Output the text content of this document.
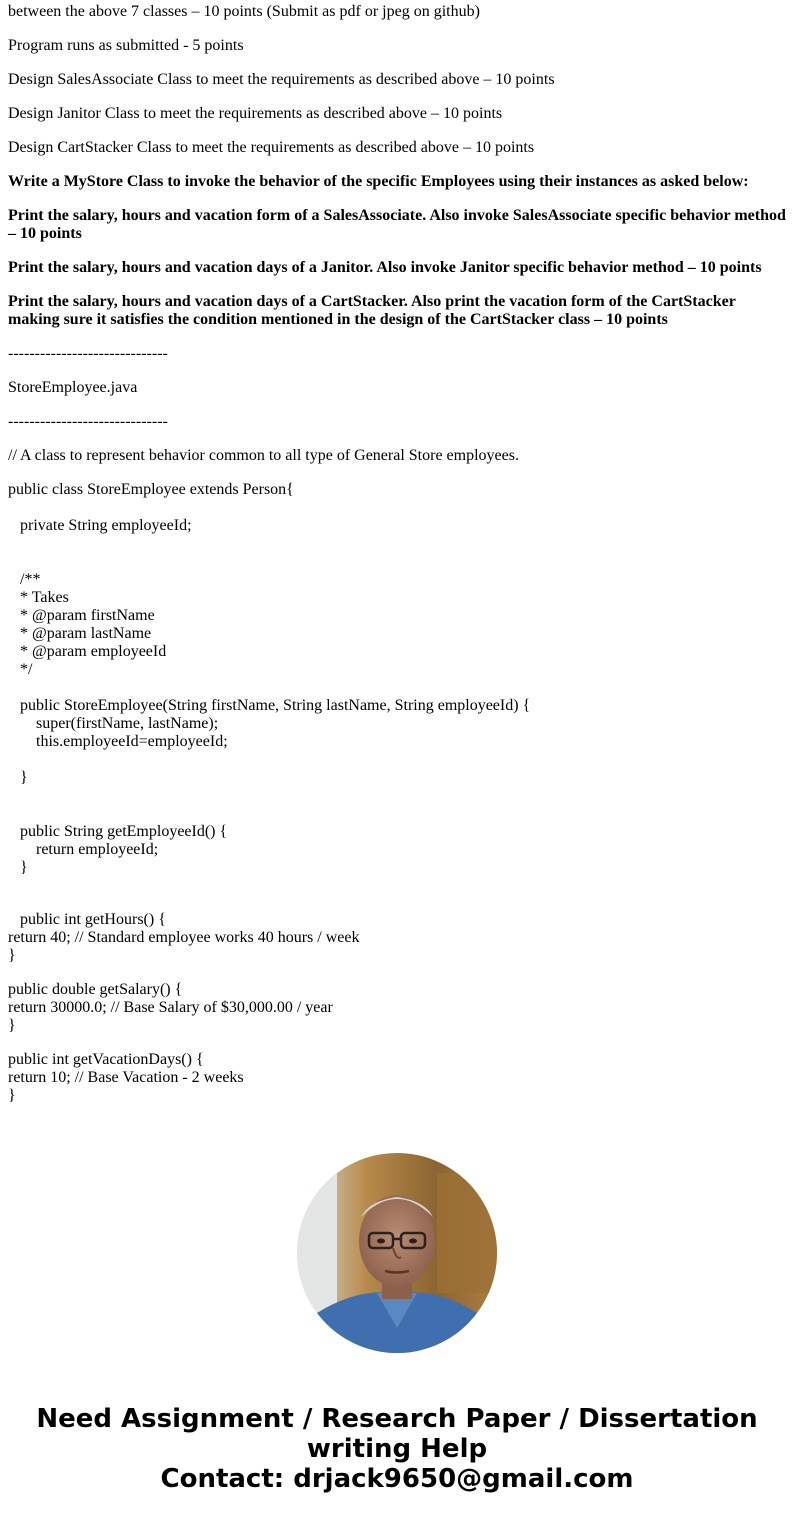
between the above 7 classes – 10 points (Submit as pdf or jpeg on github)
Program runs as submitted - 5 points
Design SalesAssociate Class to meet the requirements as described above – 10 points
Design Janitor Class to meet the requirements as described above – 10 points
Design CartStacker Class to meet the requirements as described above – 10 points
Write a MyStore Class to invoke the behavior of the specific Employees using their instances as asked below:
Print the salary, hours and vacation form of a SalesAssociate. Also invoke SalesAssociate specific behavior method – 10 points
Print the salary, hours and vacation days of a Janitor. Also invoke Janitor specific behavior method – 10 points
Print the salary, hours and vacation days of a CartStacker. Also print the vacation form of the CartStacker making sure it satisfies the condition mentioned in the design of the CartStacker class – 10 points
------------------------------
StoreEmployee.java
------------------------------
// A class to represent behavior common to all type of General Store employees.
public class StoreEmployee extends Person{
private String employeeId;
/**
* Takes
* @param firstName
* @param lastName
* @param employeeId
*/
public StoreEmployee(String firstName, String lastName, String employeeId) {
super(firstName, lastName);
this.employeeId=employeeId;
}
public String getEmployeeId() {
return employeeId;
}
public int getHours() {
return 40; // Standard employee works 40 hours / week
}
public double getSalary() {
return 30000.0; // Base Salary of $30,000.00 / year
}
public int getVacationDays() {
return 10; // Base Vacation - 2 weeks
}
Need Assignment / Research Paper / Dissertation
writing Help
Contact: drjack9650@gmail.com
